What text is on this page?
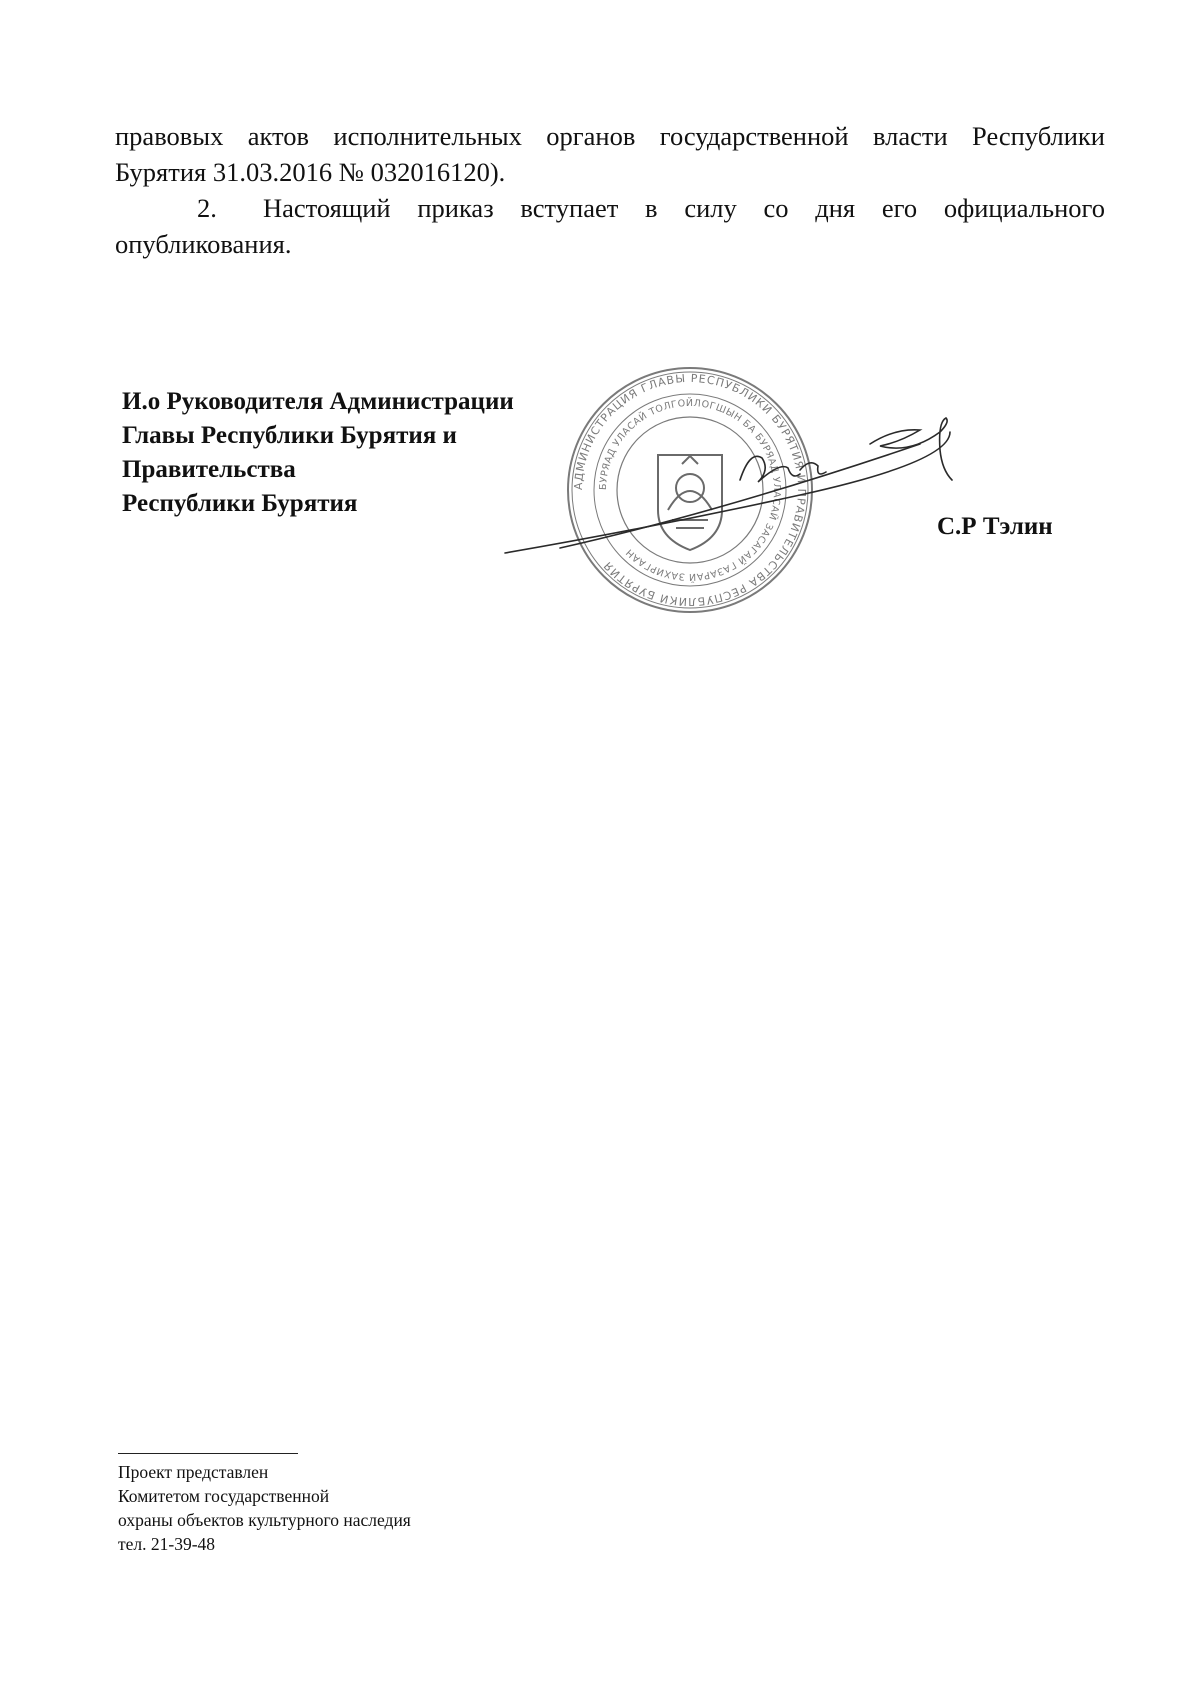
правовых актов исполнительных органов государственной власти Республики
Бурятия 31.03.2016 № 032016120).
2. Настоящий приказ вступает в силу со дня его официального
опубликования.
И.о Руководителя Администрации
Главы Республики Бурятия и
Правительства
Республики Бурятия
АДМИНИСТРАЦИЯ ГЛАВЫ РЕСПУБЛИКИ БУРЯТИЯ И ПРАВИТЕЛЬСТВА РЕСПУБЛИКИ БУРЯТИЯ
БУРЯАД УЛАСАЙ ТОЛГОЙЛОГШЫН БА БУРЯАД УЛАСАЙ ЗАСАГАЙ ГАЗАРАЙ ЗАХИРГААН
С.Р Тэлин
Проект представлен
Комитетом государственной
охраны объектов культурного наследия
тел. 21-39-48
